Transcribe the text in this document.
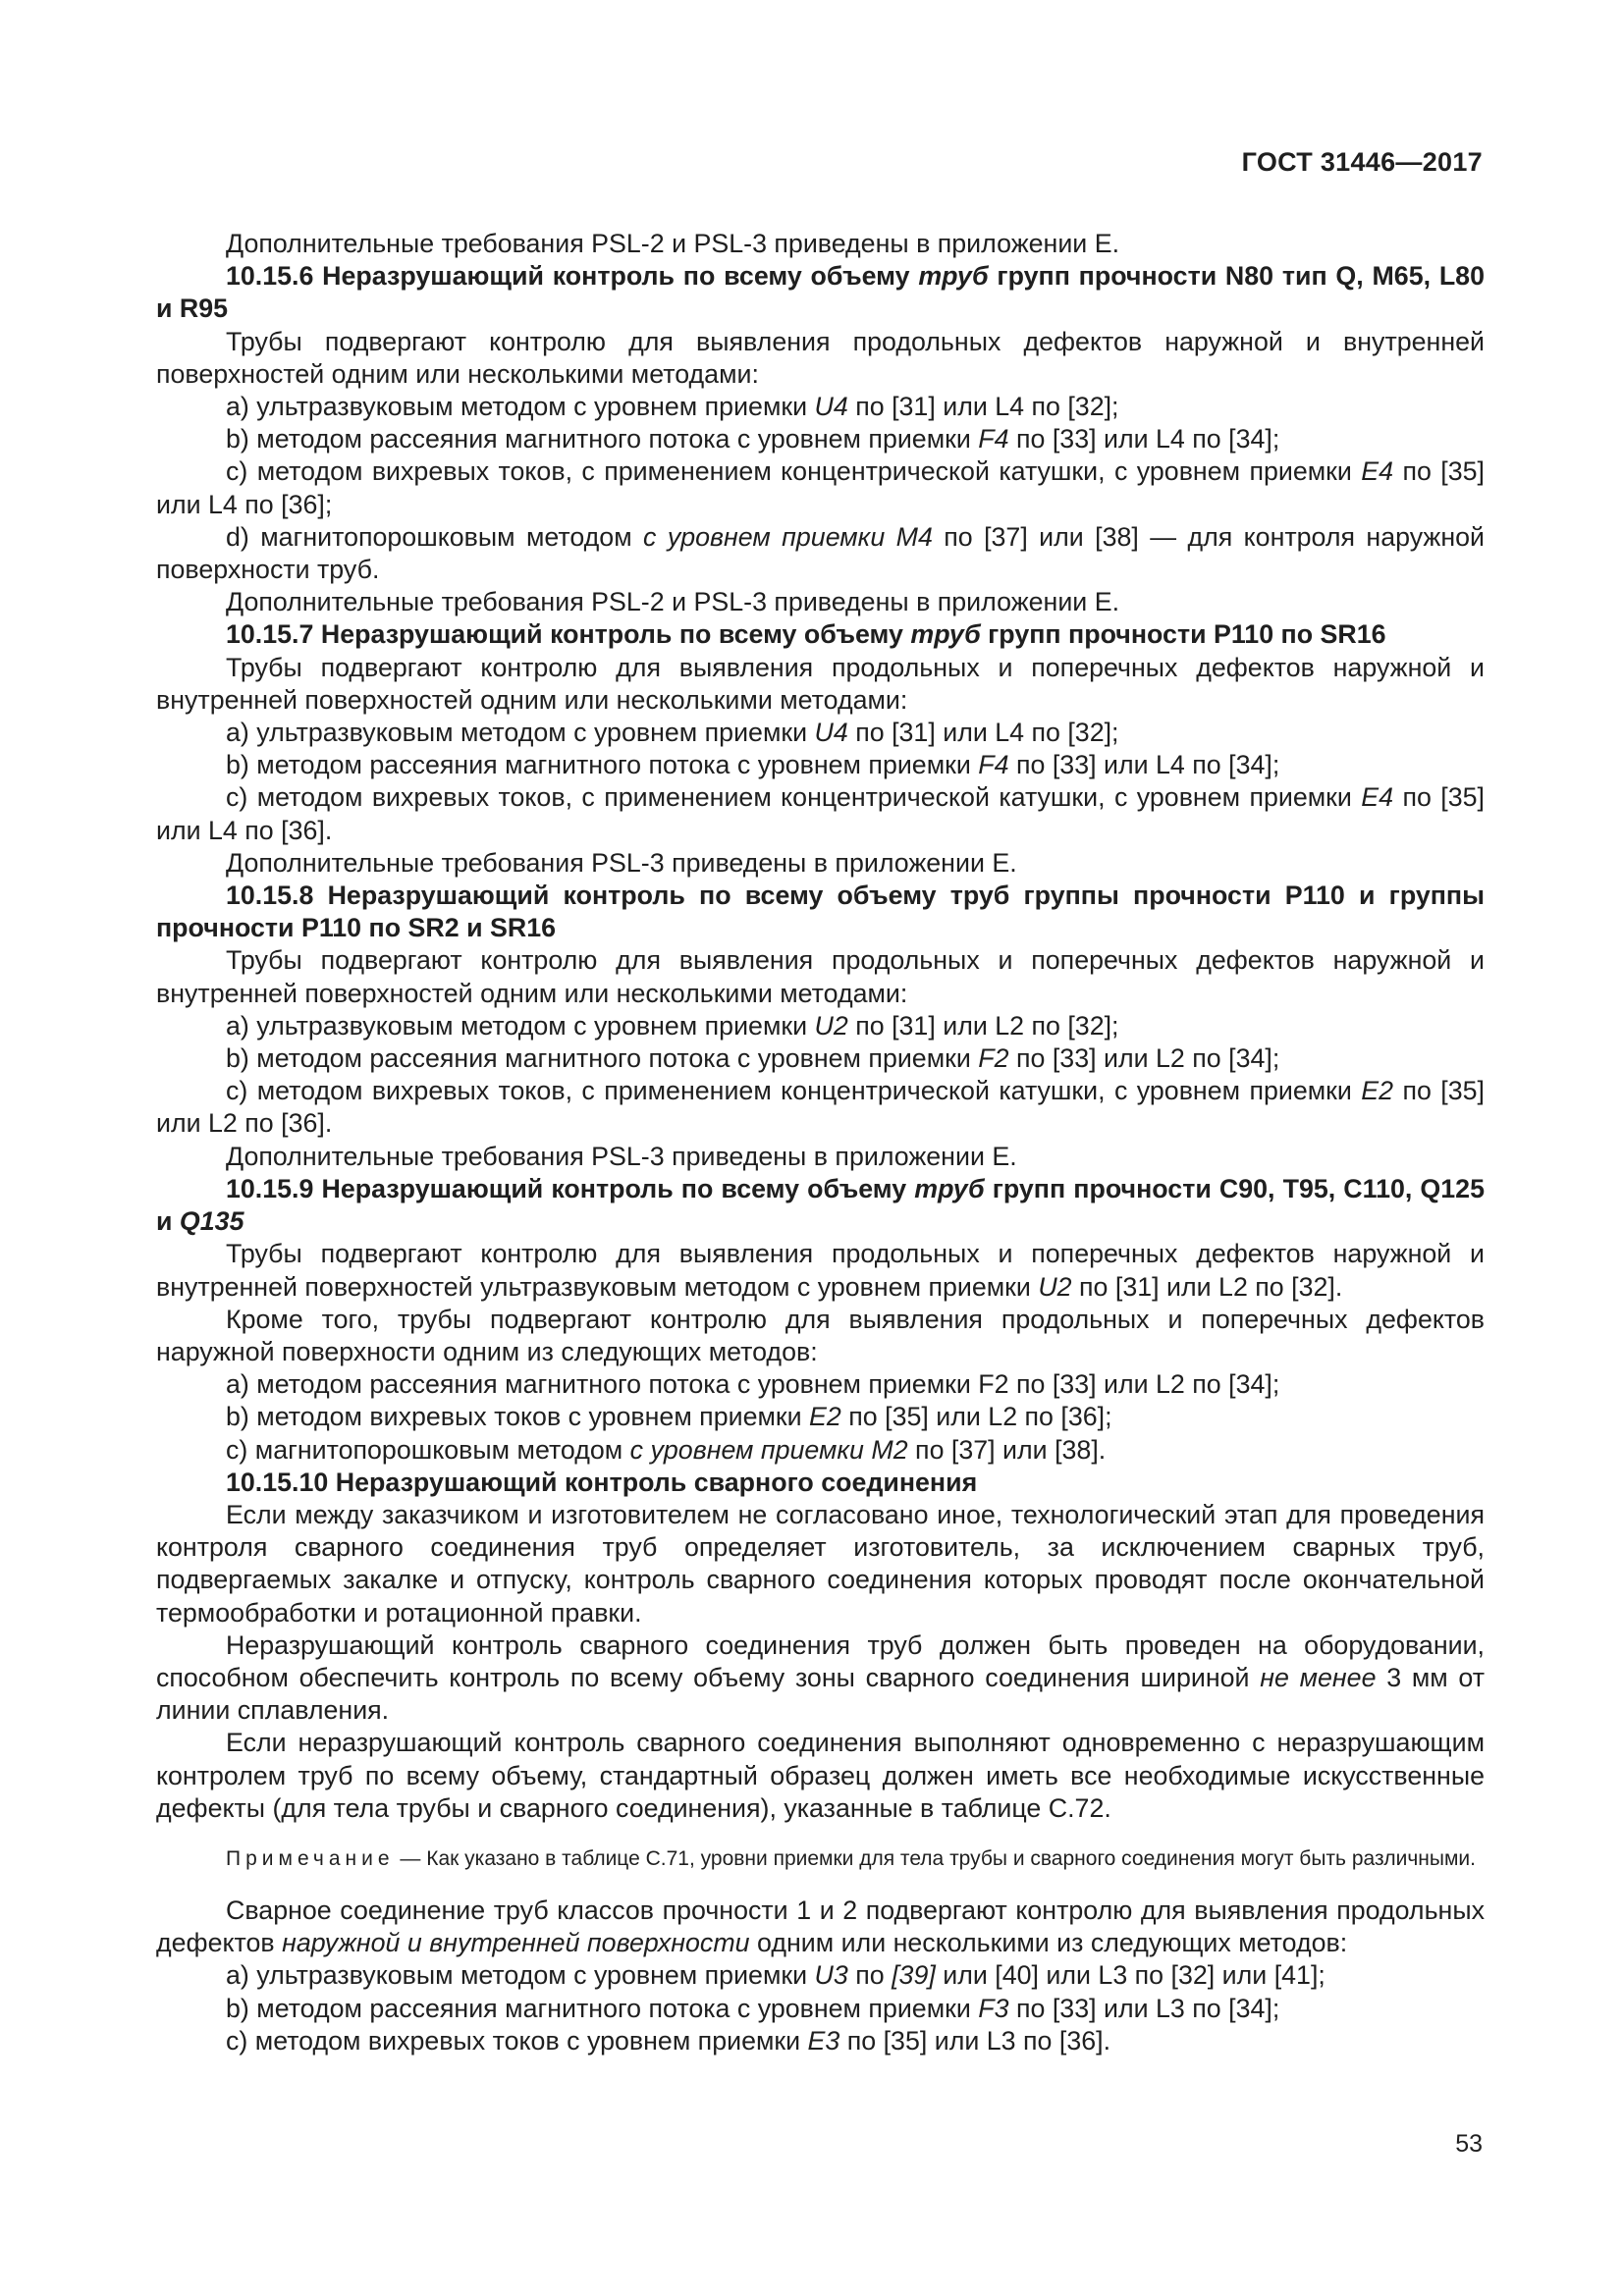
ГОСТ 31446—2017

Дополнительные требования PSL-2 и PSL-3 приведены в приложении Е.

10.15.6 Неразрушающий контроль по всему объему труб групп прочности N80 тип Q, M65, L80 и R95

Трубы подвергают контролю для выявления продольных дефектов наружной и внутренней поверхностей одним или несколькими методами:

a) ультразвуковым методом с уровнем приемки U4 по [31] или L4 по [32];

b) методом рассеяния магнитного потока с уровнем приемки F4 по [33] или L4 по [34];

c) методом вихревых токов, с применением концентрической катушки, с уровнем приемки E4 по [35] или L4 по [36];

d) магнитопорошковым методом с уровнем приемки M4 по [37] или [38] — для контроля наружной поверхности труб.

Дополнительные требования PSL-2 и PSL-3 приведены в приложении Е.

10.15.7 Неразрушающий контроль по всему объему труб групп прочности P110 по SR16

Трубы подвергают контролю для выявления продольных и поперечных дефектов наружной и внутренней поверхностей одним или несколькими методами:

a) ультразвуковым методом с уровнем приемки U4 по [31] или L4 по [32];

b) методом рассеяния магнитного потока с уровнем приемки F4 по [33] или L4 по [34];

c) методом вихревых токов, с применением концентрической катушки, с уровнем приемки E4 по [35] или L4 по [36].

Дополнительные требования PSL-3 приведены в приложении Е.

10.15.8 Неразрушающий контроль по всему объему труб группы прочности P110 и группы прочности P110 по SR2 и SR16

Трубы подвергают контролю для выявления продольных и поперечных дефектов наружной и внутренней поверхностей одним или несколькими методами:

a) ультразвуковым методом с уровнем приемки U2 по [31] или L2 по [32];

b) методом рассеяния магнитного потока с уровнем приемки F2 по [33] или L2 по [34];

c) методом вихревых токов, с применением концентрической катушки, с уровнем приемки E2 по [35] или L2 по [36].

Дополнительные требования PSL-3 приведены в приложении Е.

10.15.9 Неразрушающий контроль по всему объему труб групп прочности C90, T95, C110, Q125 и Q135

Трубы подвергают контролю для выявления продольных и поперечных дефектов наружной и внутренней поверхностей ультразвуковым методом с уровнем приемки U2 по [31] или L2 по [32].

Кроме того, трубы подвергают контролю для выявления продольных и поперечных дефектов наружной поверхности одним из следующих методов:

a) методом рассеяния магнитного потока с уровнем приемки F2 по [33] или L2 по [34];

b) методом вихревых токов с уровнем приемки E2 по [35] или L2 по [36];

c) магнитопорошковым методом с уровнем приемки M2 по [37] или [38].

10.15.10 Неразрушающий контроль сварного соединения

Если между заказчиком и изготовителем не согласовано иное, технологический этап для проведения контроля сварного соединения труб определяет изготовитель, за исключением сварных труб, подвергаемых закалке и отпуску, контроль сварного соединения которых проводят после окончательной термообработки и ротационной правки.

Неразрушающий контроль сварного соединения труб должен быть проведен на оборудовании, способном обеспечить контроль по всему объему зоны сварного соединения шириной не менее 3 мм от линии сплавления.

Если неразрушающий контроль сварного соединения выполняют одновременно с неразрушающим контролем труб по всему объему, стандартный образец должен иметь все необходимые искусственные дефекты (для тела трубы и сварного соединения), указанные в таблице С.72.

Примечание — Как указано в таблице С.71, уровни приемки для тела трубы и сварного соединения могут быть различными.

Сварное соединение труб классов прочности 1 и 2 подвергают контролю для выявления продольных дефектов наружной и внутренней поверхности одним или несколькими из следующих методов:

a) ультразвуковым методом с уровнем приемки U3 по [39] или [40] или L3 по [32] или [41];

b) методом рассеяния магнитного потока с уровнем приемки F3 по [33] или L3 по [34];

c) методом вихревых токов с уровнем приемки E3 по [35] или L3 по [36].

53
